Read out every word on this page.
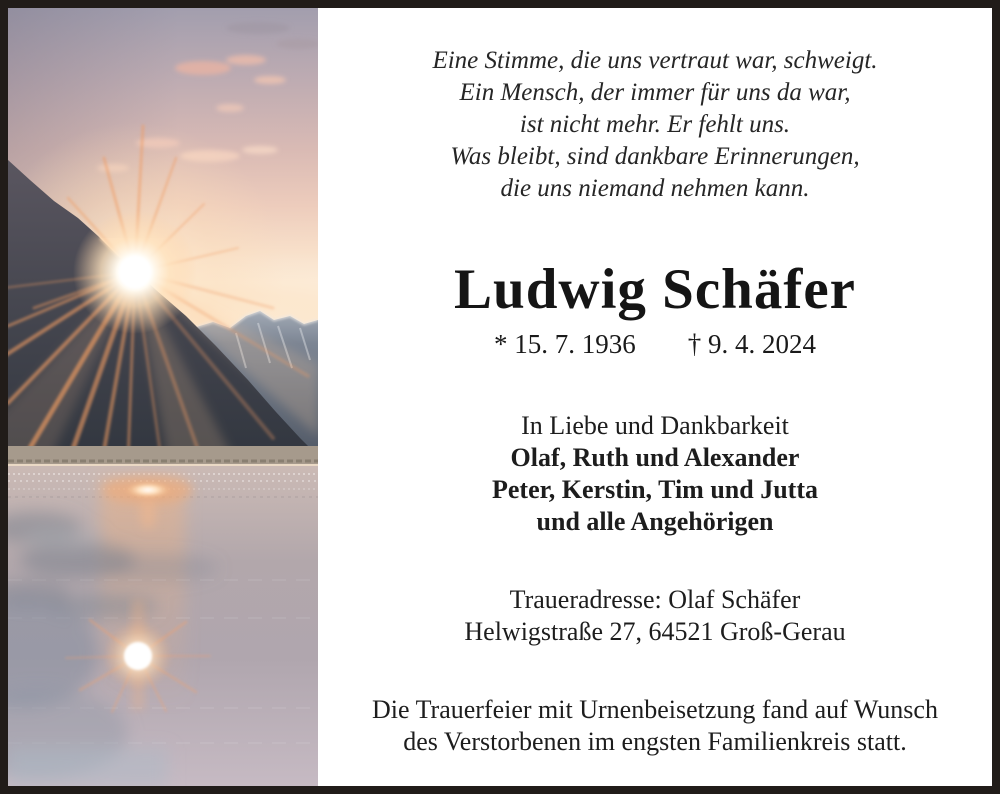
Eine Stimme, die uns vertraut war, schweigt.
Ein Mensch, der immer für uns da war,
ist nicht mehr. Er fehlt uns.
Was bleibt, sind dankbare Erinnerungen,
die uns niemand nehmen kann.
Ludwig Schäfer
* 15. 7. 1936 † 9. 4. 2024
In Liebe und Dankbarkeit
Olaf, Ruth und Alexander
Peter, Kerstin, Tim und Jutta
und alle Angehörigen
Traueradresse: Olaf Schäfer
Helwigstraße 27, 64521 Groß-Gerau
Die Trauerfeier mit Urnenbeisetzung fand auf Wunsch
des Verstorbenen im engsten Familienkreis statt.
